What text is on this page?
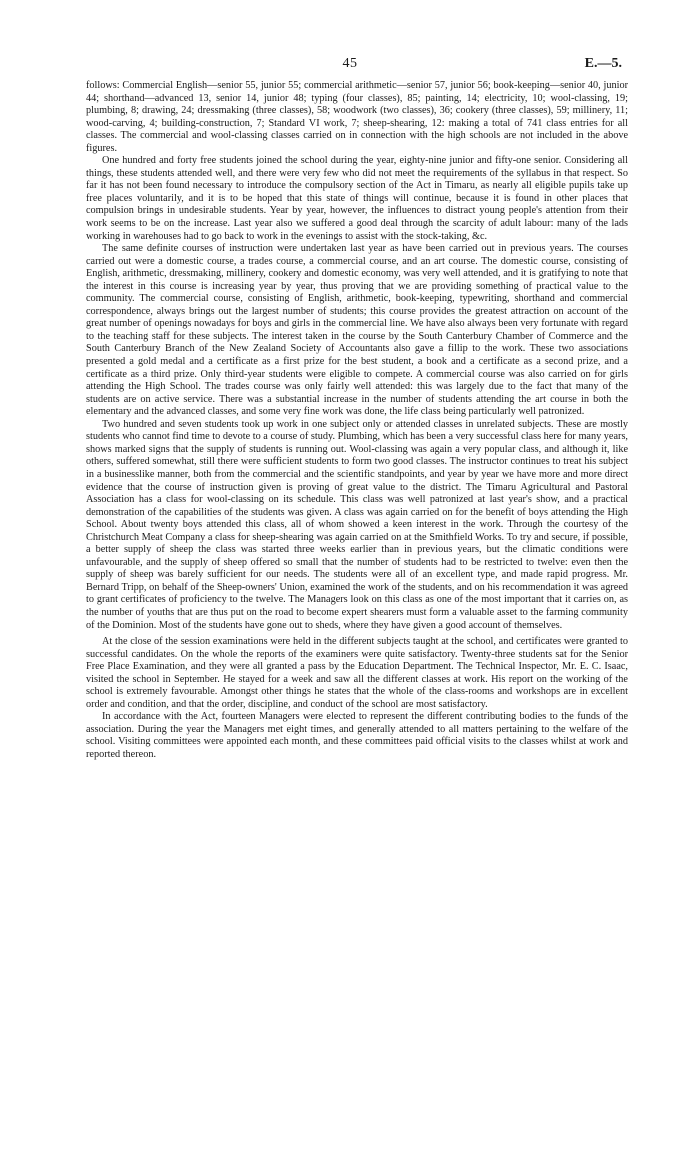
45	E.—5.

follows: Commercial English—senior 55, junior 55; commercial arithmetic—senior 57, junior 56; book-keeping—senior 40, junior 44; shorthand—advanced 13, senior 14, junior 48; typing (four classes), 85; painting, 14; electricity, 10; wool-classing, 19; plumbing, 8; drawing, 24; dressmaking (three classes), 58; woodwork (two classes), 36; cookery (three classes), 59; millinery, 11; wood-carving, 4; building-construction, 7; Standard VI work, 7; sheep-shearing, 12: making a total of 741 class entries for all classes. The commercial and wool-classing classes carried on in connection with the high schools are not included in the above figures.

One hundred and forty free students joined the school during the year, eighty-nine junior and fifty-one senior. Considering all things, these students attended well, and there were very few who did not meet the requirements of the syllabus in that respect. So far it has not been found necessary to introduce the compulsory section of the Act in Timaru, as nearly all eligible pupils take up free places voluntarily, and it is to be hoped that this state of things will continue, because it is found in other places that compulsion brings in undesirable students. Year by year, however, the influences to distract young people's attention from their work seems to be on the increase. Last year also we suffered a good deal through the scarcity of adult labour: many of the lads working in warehouses had to go back to work in the evenings to assist with the stock-taking, &c.

The same definite courses of instruction were undertaken last year as have been carried out in previous years. The courses carried out were a domestic course, a trades course, a commercial course, and an art course. The domestic course, consisting of English, arithmetic, dressmaking, millinery, cookery and domestic economy, was very well attended, and it is gratifying to note that the interest in this course is increasing year by year, thus proving that we are providing something of practical value to the community. The commercial course, consisting of English, arithmetic, book-keeping, typewriting, shorthand and commercial correspondence, always brings out the largest number of students; this course provides the greatest attraction on account of the great number of openings nowadays for boys and girls in the commercial line. We have also always been very fortunate with regard to the teaching staff for these subjects. The interest taken in the course by the South Canterbury Chamber of Commerce and the South Canterbury Branch of the New Zealand Society of Accountants also gave a fillip to the work. These two associations presented a gold medal and a certificate as a first prize for the best student, a book and a certificate as a second prize, and a certificate as a third prize. Only third-year students were eligible to compete. A commercial course was also carried on for girls attending the High School. The trades course was only fairly well attended: this was largely due to the fact that many of the students are on active service. There was a substantial increase in the number of students attending the art course in both the elementary and the advanced classes, and some very fine work was done, the life class being particularly well patronized.

Two hundred and seven students took up work in one subject only or attended classes in unrelated subjects. These are mostly students who cannot find time to devote to a course of study. Plumbing, which has been a very successful class here for many years, shows marked signs that the supply of students is running out. Wool-classing was again a very popular class, and although it, like others, suffered somewhat, still there were sufficient students to form two good classes. The instructor continues to treat his subject in a businesslike manner, both from the commercial and the scientific standpoints, and year by year we have more and more direct evidence that the course of instruction given is proving of great value to the district. The Timaru Agricultural and Pastoral Association has a class for wool-classing on its schedule. This class was well patronized at last year's show, and a practical demonstration of the capabilities of the students was given. A class was again carried on for the benefit of boys attending the High School. About twenty boys attended this class, all of whom showed a keen interest in the work. Through the courtesy of the Christchurch Meat Company a class for sheep-shearing was again carried on at the Smithfield Works. To try and secure, if possible, a better supply of sheep the class was started three weeks earlier than in previous years, but the climatic conditions were unfavourable, and the supply of sheep offered so small that the number of students had to be restricted to twelve: even then the supply of sheep was barely sufficient for our needs. The students were all of an excellent type, and made rapid progress. Mr. Bernard Tripp, on behalf of the Sheep-owners' Union, examined the work of the students, and on his recommendation it was agreed to grant certificates of proficiency to the twelve. The Managers look on this class as one of the most important that it carries on, as the number of youths that are thus put on the road to become expert shearers must form a valuable asset to the farming community of the Dominion. Most of the students have gone out to sheds, where they have given a good account of themselves.

At the close of the session examinations were held in the different subjects taught at the school, and certificates were granted to successful candidates. On the whole the reports of the examiners were quite satisfactory. Twenty-three students sat for the Senior Free Place Examination, and they were all granted a pass by the Education Department. The Technical Inspector, Mr. E. C. Isaac, visited the school in September. He stayed for a week and saw all the different classes at work. His report on the working of the school is extremely favourable. Amongst other things he states that the whole of the class-rooms and workshops are in excellent order and condition, and that the order, discipline, and conduct of the school are most satisfactory.

In accordance with the Act, fourteen Managers were elected to represent the different contributing bodies to the funds of the association. During the year the Managers met eight times, and generally attended to all matters pertaining to the welfare of the school. Visiting committees were appointed each month, and these committees paid official visits to the classes whilst at work and reported thereon.
